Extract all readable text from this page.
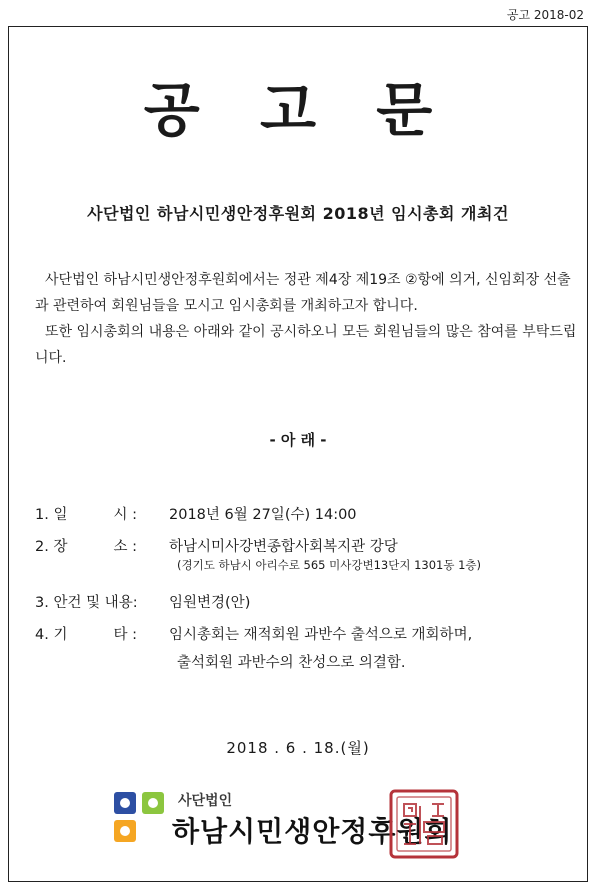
공고 2018-02
공 고 문
사단법인 하남시민생안정후원회 2018년 임시총회 개최건

사단법인 하남시민생안정후원회에서는 정관 제4장 제19조 ②항에 의거, 신임회장 선출과 관련하여 회원님들을 모시고 임시총회를 개최하고자 합니다.

또한 임시총회의 내용은 아래와 같이 공시하오니 모든 회원님들의 많은 참여를 부탁드립니다.

- 아 래 -
1. 일          시 :	2018년 6월 27일(수) 14:00
2. 장          소 :	하남시미사강변종합사회복지관 강당
(경기도 하남시 아리수로 565 미사강변13단지 1301동 1층)
3. 안건 및 내용:	임원변경(안)
4. 기          타 :	임시총회는 재적회원 과반수 출석으로 개회하며,
출석회원 과반수의 찬성으로 의결함.
2018 . 6 . 18.(월)
사단법인
하남시민생안정후원회
